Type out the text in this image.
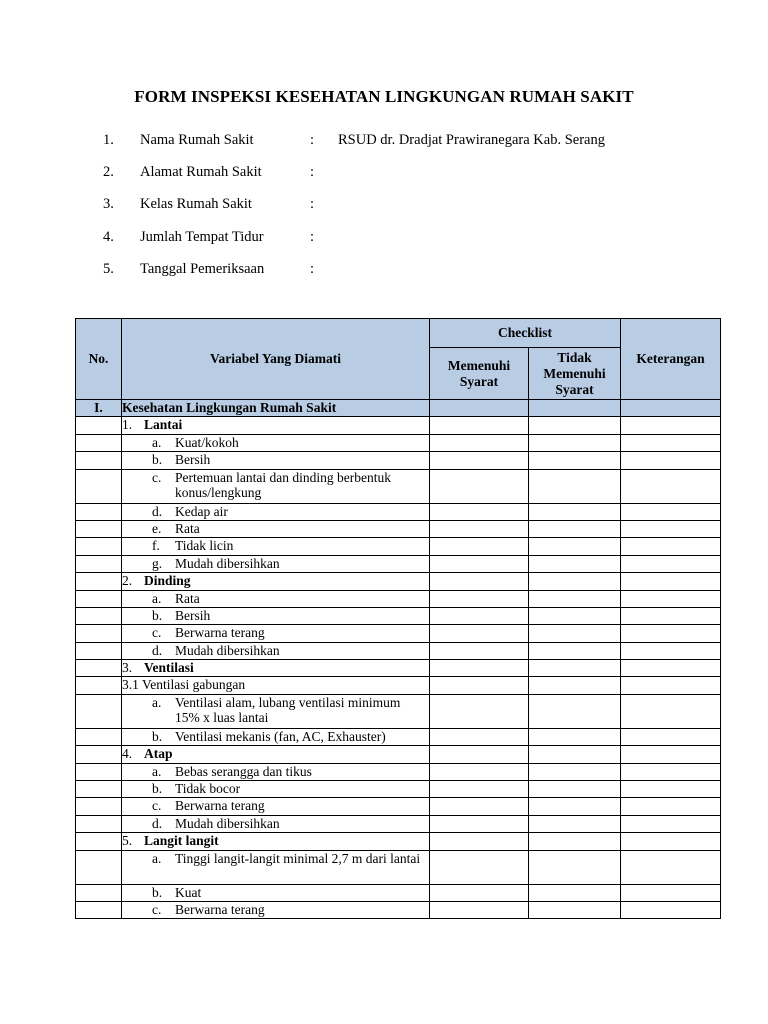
FORM INSPEKSI KESEHATAN LINGKUNGAN RUMAH SAKIT
1. Nama Rumah Sakit	: RSUD dr. Dradjat Prawiranegara Kab. Serang
2. Alamat Rumah Sakit	:
3. Kelas Rumah Sakit	:
4. Jumlah Tempat Tidur	:
5. Tanggal Pemeriksaan	:
No.	Variabel Yang Diamati	Checklist		Keterangan

		Memenuhi Syarat	Tidak Memenuhi Syarat	

I.	Kesehatan Lingkungan Rumah Sakit			
	1. Lantai			

	a. Kuat/kokoh			

	b. Bersih			

	c. Pertemuan lantai dan dinding berbentuk konus/lengkung			

	d. Kedap air			

	e. Rata			

	f. Tidak licin			

	g. Mudah dibersihkan			

	2. Dinding			

	a. Rata			

	b. Bersih			

	c. Berwarna terang			

	d. Mudah dibersihkan			

	3. Ventilasi			
	3.1 Ventilasi gabungan			

	a. Ventilasi alam, lubang ventilasi minimum 15% x luas lantai			

	b. Ventilasi mekanis (fan, AC, Exhauster)			

	4. Atap			

	a. Bebas serangga dan tikus			

	b. Tidak bocor			

	c. Berwarna terang			

	d. Mudah dibersihkan			

	5. Langit langit			

	a. Tinggi langit-langit minimal 2,7 m dari lantai			

	b. Kuat			

	c. Berwarna terang			
